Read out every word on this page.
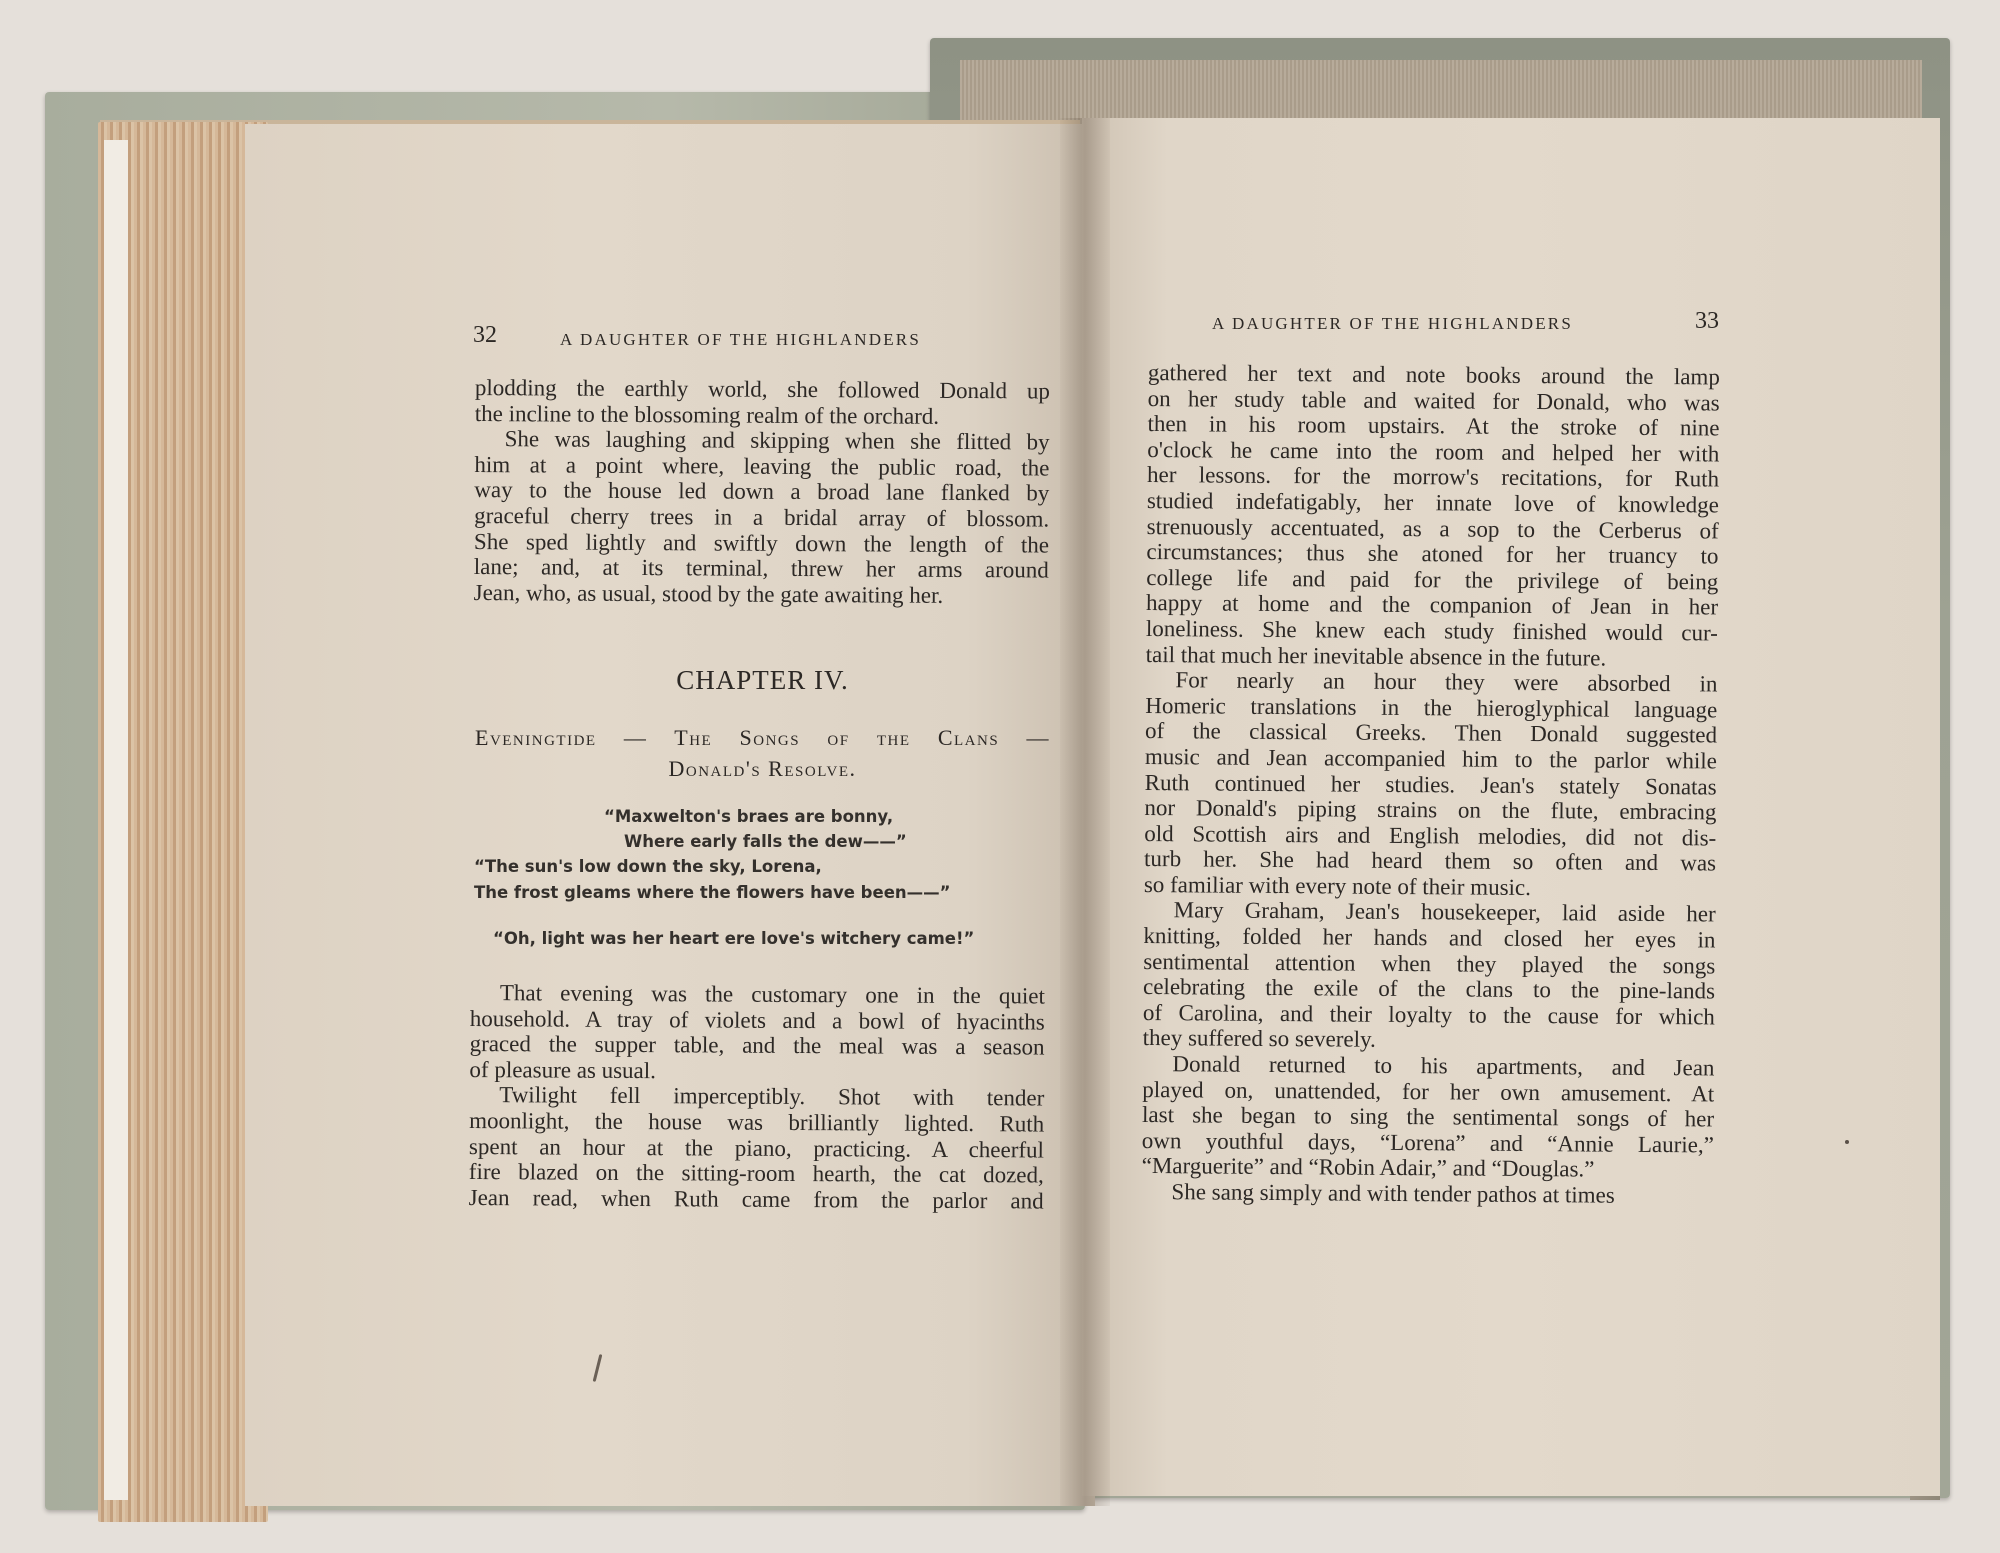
32	A DAUGHTER OF THE HIGHLANDERS
plodding the earthly world, she followed Donald up
the incline to the blossoming realm of the orchard.
She was laughing and skipping when she flitted by
him at a point where, leaving the public road, the
way to the house led down a broad lane flanked by
graceful cherry trees in a bridal array of blossom.
She sped lightly and swiftly down the length of the
lane; and, at its terminal, threw her arms around
Jean, who, as usual, stood by the gate awaiting her.
CHAPTER IV.
Eveningtide — The Songs of the Clans —
Donald's Resolve.
“Maxwelton's braes are bonny,
Where early falls the dew——”
“The sun's low down the sky, Lorena,
The frost gleams where the flowers have been——”
“Oh, light was her heart ere love's witchery came!”
That evening was the customary one in the quiet
household. A tray of violets and a bowl of hyacinths
graced the supper table, and the meal was a season
of pleasure as usual.
Twilight fell imperceptibly. Shot with tender
moonlight, the house was brilliantly lighted. Ruth
spent an hour at the piano, practicing. A cheerful
fire blazed on the sitting-room hearth, the cat dozed,
Jean read, when Ruth came from the parlor and
A DAUGHTER OF THE HIGHLANDERS	33
gathered her text and note books around the lamp
on her study table and waited for Donald, who was
then in his room upstairs. At the stroke of nine
o'clock he came into the room and helped her with
her lessons. for the morrow's recitations, for Ruth
studied indefatigably, her innate love of knowledge
strenuously accentuated, as a sop to the Cerberus of
circumstances; thus she atoned for her truancy to
college life and paid for the privilege of being
happy at home and the companion of Jean in her
loneliness. She knew each study finished would cur-
tail that much her inevitable absence in the future.
For nearly an hour they were absorbed in
Homeric translations in the hieroglyphical language
of the classical Greeks. Then Donald suggested
music and Jean accompanied him to the parlor while
Ruth continued her studies. Jean's stately Sonatas
nor Donald's piping strains on the flute, embracing
old Scottish airs and English melodies, did not dis-
turb her. She had heard them so often and was
so familiar with every note of their music.
Mary Graham, Jean's housekeeper, laid aside her
knitting, folded her hands and closed her eyes in
sentimental attention when they played the songs
celebrating the exile of the clans to the pine-lands
of Carolina, and their loyalty to the cause for which
they suffered so severely.
Donald returned to his apartments, and Jean
played on, unattended, for her own amusement. At
last she began to sing the sentimental songs of her
own youthful days, “Lorena” and “Annie Laurie,”
“Marguerite” and “Robin Adair,” and “Douglas.”
She sang simply and with tender pathos at times
